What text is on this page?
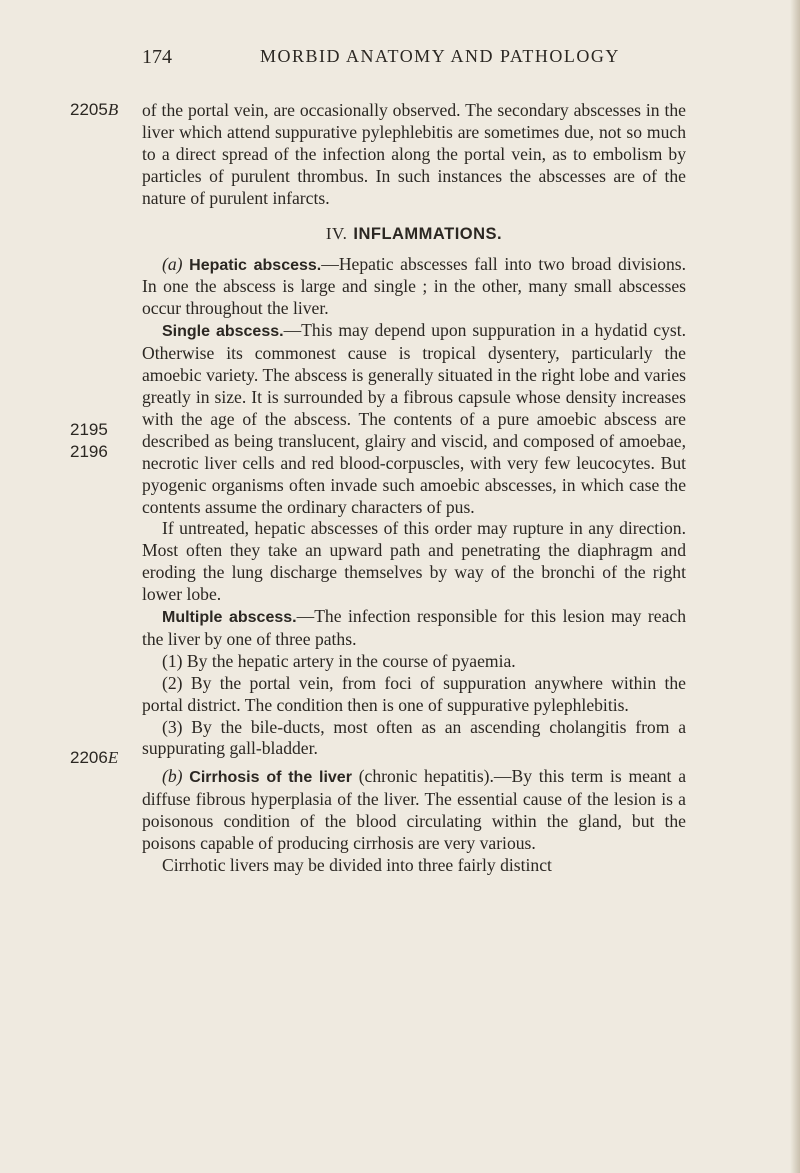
174	MORBID ANATOMY AND PATHOLOGY
2205B
2195
2196
2206E

of the portal vein, are occasionally observed. The secondary abscesses in the liver which attend suppurative pylephlebitis are sometimes due, not so much to a direct spread of the infection along the portal vein, as to embolism by particles of purulent thrombus. In such instances the abscesses are of the nature of purulent infarcts.

IV. INFLAMMATIONS.

(a) Hepatic abscess.—Hepatic abscesses fall into two broad divisions. In one the abscess is large and single ; in the other, many small abscesses occur throughout the liver.

Single abscess.—This may depend upon suppuration in a hydatid cyst. Otherwise its commonest cause is tropical dysentery, particularly the amoebic variety. The abscess is generally situated in the right lobe and varies greatly in size. It is surrounded by a fibrous capsule whose density increases with the age of the abscess. The contents of a pure amoebic abscess are described as being translucent, glairy and viscid, and composed of amoebae, necrotic liver cells and red blood-corpuscles, with very few leucocytes. But pyogenic organisms often invade such amoebic abscesses, in which case the contents assume the ordinary characters of pus.

If untreated, hepatic abscesses of this order may rupture in any direction. Most often they take an upward path and penetrating the diaphragm and eroding the lung discharge themselves by way of the bronchi of the right lower lobe.

Multiple abscess.—The infection responsible for this lesion may reach the liver by one of three paths.

(1) By the hepatic artery in the course of pyaemia.

(2) By the portal vein, from foci of suppuration anywhere within the portal district. The condition then is one of suppurative pylephlebitis.

(3) By the bile-ducts, most often as an ascending cholangitis from a suppurating gall-bladder.

(b) Cirrhosis of the liver (chronic hepatitis).—By this term is meant a diffuse fibrous hyperplasia of the liver. The essential cause of the lesion is a poisonous condition of the blood circulating within the gland, but the poisons capable of producing cirrhosis are very various.

Cirrhotic livers may be divided into three fairly distinct
